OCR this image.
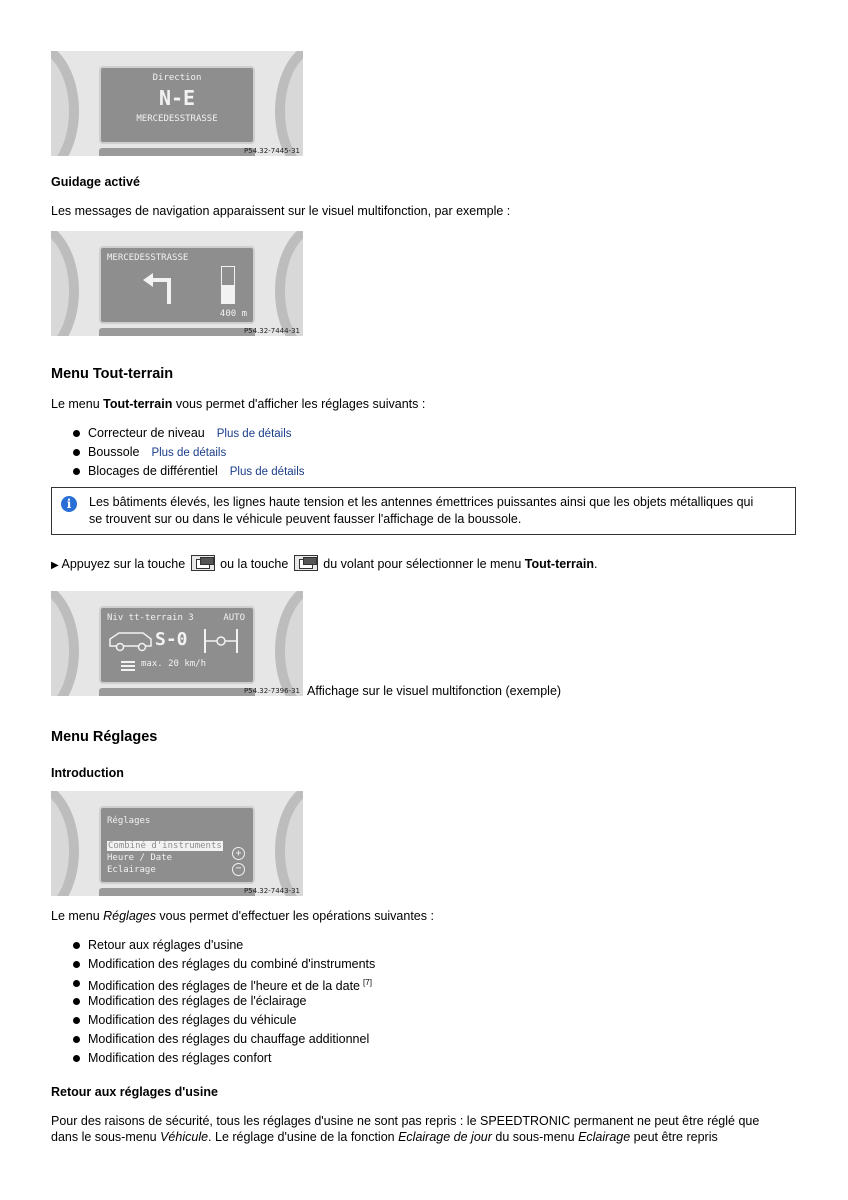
Direction
N-E
MERCEDESSTRASSE
P54.32-7445-31
Guidage activé
Les messages de navigation apparaissent sur le visuel multifonction, par exemple :
MERCEDESSTRASSE
400 m
P54.32-7444-31
Menu Tout-terrain
Le menu Tout-terrain vous permet d'afficher les réglages suivants :
Correcteur de niveau Plus de détails
Boussole Plus de détails
Blocages de différentiel Plus de détails
i	Les bâtiments élevés, les lignes haute tension et les antennes émettrices puissantes ainsi que les objets métalliques qui
se trouvent sur ou dans le véhicule peuvent fausser l'affichage de la boussole.
▶ Appuyez sur la touche	ou la touche	du volant pour sélectionner le menu Tout-terrain.
Niv tt-terrain 3	AUTO
S-0
max. 20 km/h
P54.32-7396-31 Affichage sur le visuel multifonction (exemple)
Menu Réglages
Introduction
Réglages
Combiné d'instruments
Heure / Date
Eclairage
+
−
P54.32-7443-31
Le menu Réglages vous permet d'effectuer les opérations suivantes :
Retour aux réglages d'usine
Modification des réglages du combiné d'instruments
Modification des réglages de l'heure et de la date [7]
Modification des réglages de l'éclairage
Modification des réglages du véhicule
Modification des réglages du chauffage additionnel
Modification des réglages confort
Retour aux réglages d'usine
Pour des raisons de sécurité, tous les réglages d'usine ne sont pas repris : le SPEEDTRONIC permanent ne peut être réglé que
dans le sous-menu Véhicule. Le réglage d'usine de la fonction Eclairage de jour du sous-menu Eclairage peut être repris
